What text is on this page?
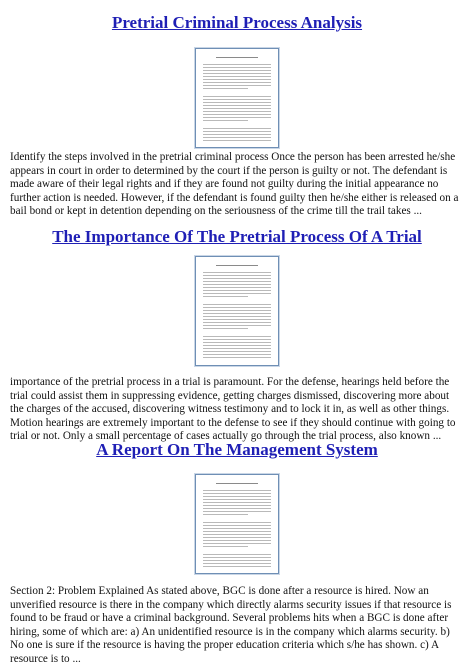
Pretrial Criminal Process Analysis

Identify the steps involved in the pretrial criminal process Once the person has been arrested he/she appears in court in order to determined by the court if the person is guilty or not. The defendant is made aware of their legal rights and if they are found not guilty during the initial appearance no further action is needed. However, if the defendant is found guilty then he/she either is released on a bail bond or kept in detention depending on the seriousness of the crime till the trail takes ...

The Importance Of The Pretrial Process Of A Trial

importance of the pretrial process in a trial is paramount. For the defense, hearings held before the trial could assist them in suppressing evidence, getting charges dismissed, discovering more about the charges of the accused, discovering witness testimony and to lock it in, as well as other things. Motion hearings are extremely important to the defense to see if they should continue with going to trial or not. Only a small percentage of cases actually go through the trial process, also known ...

A Report On The Management System

Section 2: Problem Explained As stated above, BGC is done after a resource is hired. Now an unverified resource is there in the company which directly alarms security issues if that resource is found to be fraud or have a criminal background. Several problems hits when a BGC is done after hiring, some of which are: a) An unidentified resource is in the company which alarms security. b) No one is sure if the resource is having the proper education criteria which s/he has shown. c) A resource is to ...
